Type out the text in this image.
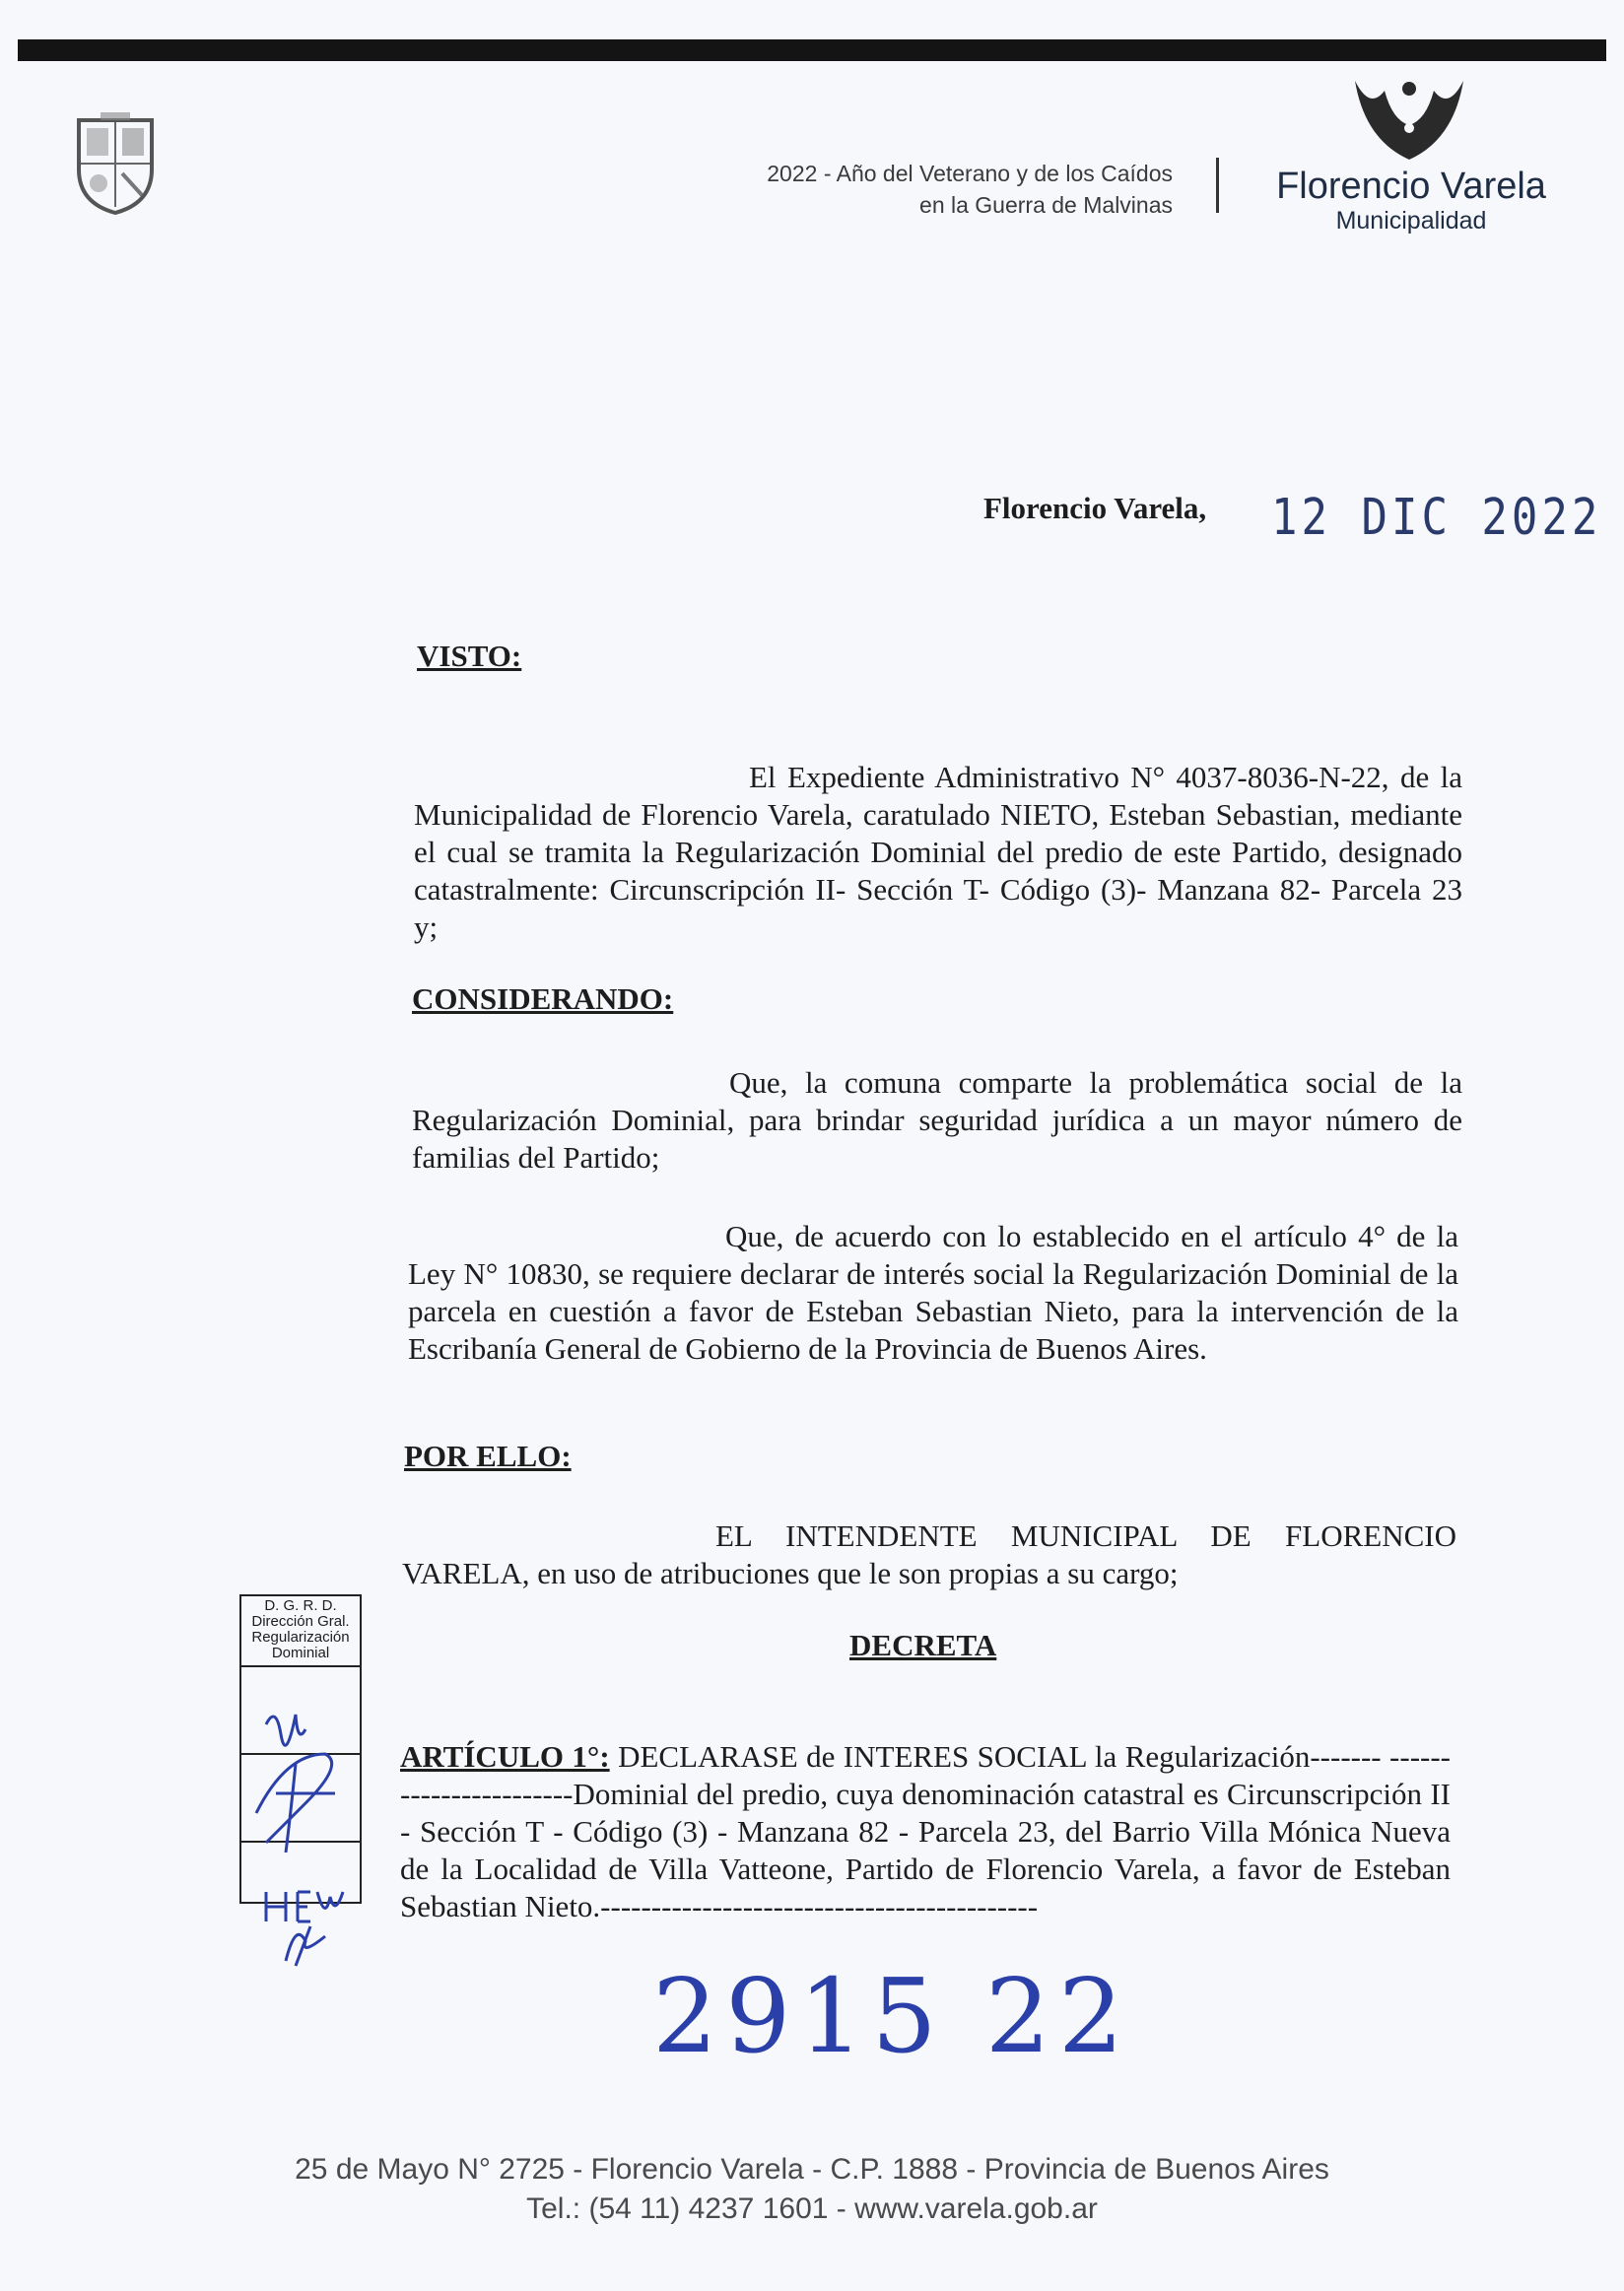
2022 - Año del Veterano y de los Caídos
en la Guerra de Malvinas	Florencio Varela
Municipalidad
Florencio Varela, 12 DIC 2022
VISTO:
El Expediente Administrativo N° 4037-8036-N-22, de la Municipalidad de Florencio Varela, caratulado NIETO, Esteban Sebastian, mediante el cual se tramita la Regularización Dominial del predio de este Partido, designado catastralmente: Circunscripción II- Sección T- Código (3)- Manzana 82- Parcela 23 y;
CONSIDERANDO:
Que, la comuna comparte la problemática social de la Regularización Dominial, para brindar seguridad jurídica a un mayor número de familias del Partido;
Que, de acuerdo con lo establecido en el artículo 4° de la Ley N° 10830, se requiere declarar de interés social la Regularización Dominial de la parcela en cuestión a favor de Esteban Sebastian Nieto, para la intervención de la Escribanía General de Gobierno de la Provincia de Buenos Aires.
POR ELLO:
EL INTENDENTE MUNICIPAL DE FLORENCIO VARELA, en uso de atribuciones que le son propias a su cargo;
DECRETA
ARTÍCULO 1°: DECLARASE de INTERES SOCIAL la Regularización------- -----------------------Dominial del predio, cuya denominación catastral es Circunscripción II - Sección T - Código (3) - Manzana 82 - Parcela 23, del Barrio Villa Mónica Nueva de la Localidad de Villa Vatteone, Partido de Florencio Varela, a favor de Esteban Sebastian Nieto.-------------------------------------------
D. G. R. D.
Dirección Gral.
Regularización
Dominial
2915 22
25 de Mayo N° 2725 - Florencio Varela - C.P. 1888 - Provincia de Buenos Aires
Tel.: (54 11) 4237 1601 - www.varela.gob.ar
